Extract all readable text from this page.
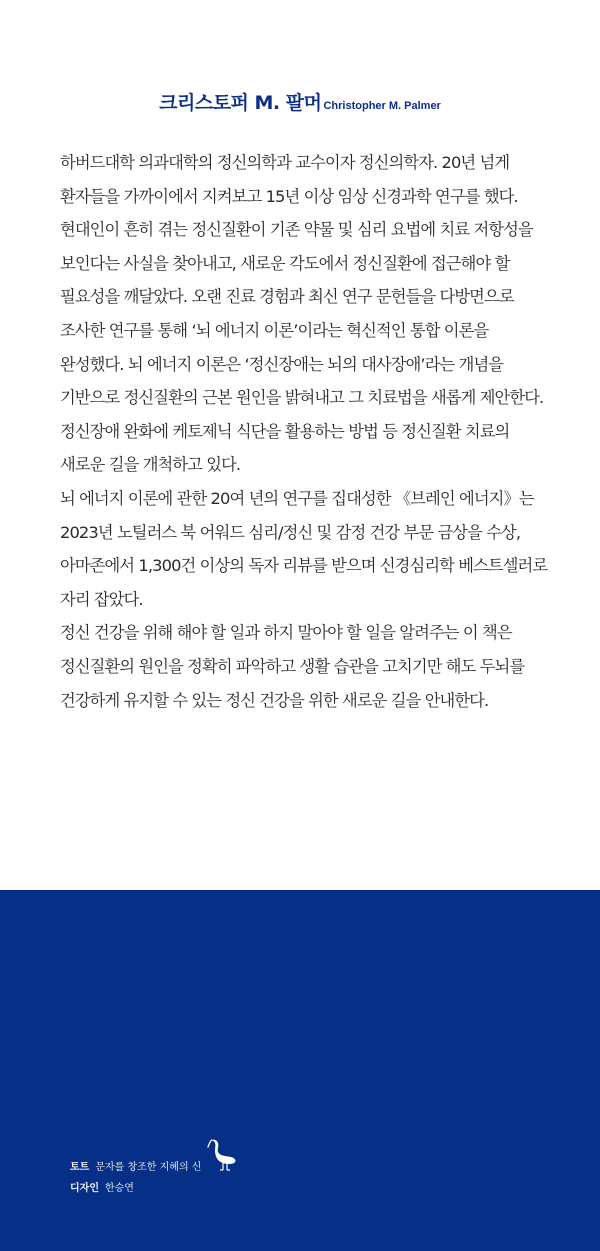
크리스토퍼 M. 팔머 Christopher M. Palmer

하버드대학 의과대학의 정신의학과 교수이자 정신의학자. 20년 넘게 환자들을 가까이에서 지켜보고 15년 이상 임상 신경과학 연구를 했다. 현대인이 흔히 겪는 정신질환이 기존 약물 및 심리 요법에 치료 저항성을 보인다는 사실을 찾아내고, 새로운 각도에서 정신질환에 접근해야 할 필요성을 깨달았다. 오랜 진료 경험과 최신 연구 문헌들을 다방면으로 조사한 연구를 통해 ‘뇌 에너지 이론’이라는 혁신적인 통합 이론을 완성했다. 뇌 에너지 이론은 ‘정신장애는 뇌의 대사장애’라는 개념을 기반으로 정신질환의 근본 원인을 밝혀내고 그 치료법을 새롭게 제안한다. 정신장애 완화에 케토제닉 식단을 활용하는 방법 등 정신질환 치료의 새로운 길을 개척하고 있다.

뇌 에너지 이론에 관한 20여 년의 연구를 집대성한 《브레인 에너지》는 2023년 노틸러스 북 어워드 심리/정신 및 감정 건강 부문 금상을 수상, 아마존에서 1,300건 이상의 독자 리뷰를 받으며 신경심리학 베스트셀러로 자리 잡았다.

정신 건강을 위해 해야 할 일과 하지 말아야 할 일을 알려주는 이 책은 정신질환의 원인을 정확히 파악하고 생활 습관을 고치기만 해도 두뇌를 건강하게 유지할 수 있는 정신 건강을 위한 새로운 길을 안내한다.

토트 문자를 창조한 지혜의 신
디자인 한승연
